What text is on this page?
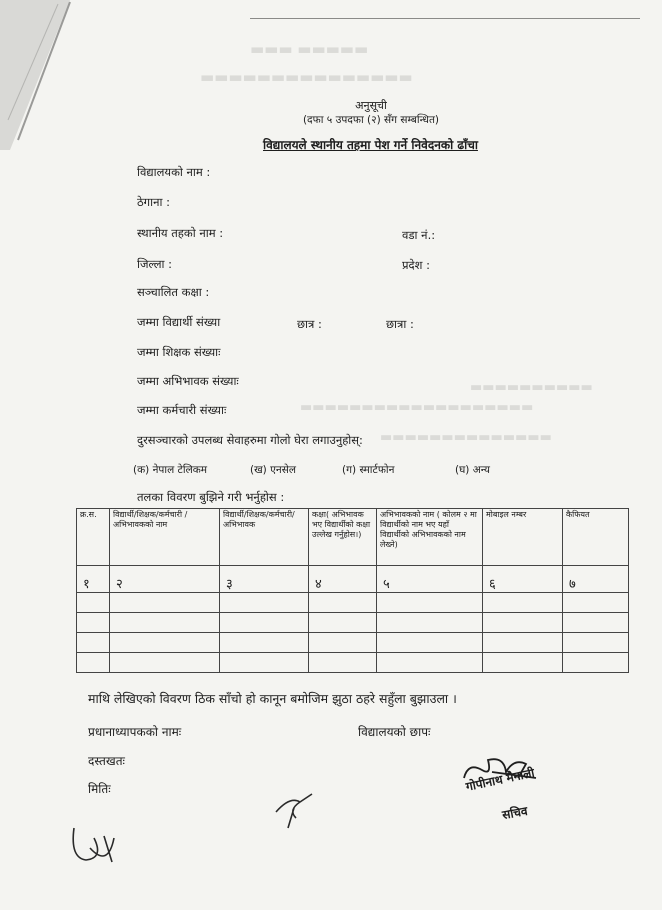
▬▬▬ ▬▬▬▬▬
▬▬▬▬▬▬▬▬▬▬▬▬▬▬▬
▬▬▬▬▬▬▬▬▬▬
▬▬▬▬▬▬▬▬▬▬▬▬▬▬▬▬▬▬▬
▬▬▬▬▬▬▬▬▬▬▬▬▬▬
अनुसूची
(दफा ५ उपदफा (२) सँग सम्बन्धित)
विद्यालयले स्थानीय तहमा पेश गर्ने निवेदनको ढाँचा
विद्यालयको नाम :
ठेगाना :
स्थानीय तहको नाम :	वडा नं.:
जिल्ला :	प्रदेश :
सञ्चालित कक्षा :
जम्मा विद्यार्थी संख्या	छात्र :	छात्रा :
जम्मा शिक्षक संख्याः
जम्मा अभिभावक संख्याः
जम्मा कर्मचारी संख्याः
दुरसञ्चारको उपलब्ध सेवाहरुमा गोलो घेरा लगाउनुहोस्:
(क) नेपाल टेलिकम	(ख) एनसेल	(ग) स्मार्टफोन	(घ) अन्य
तलका विवरण बुझिने गरी भर्नुहोस :
क्र.स.	विद्यार्थी/शिक्षक/कर्मचारी /अभिभावकको नाम	विद्यार्थी/शिक्षक/कर्मचारी/अभिभावक	कक्षा( अभिभावक भए विद्यार्थीको कक्षा उल्लेख गर्नुहोस।)	अभिभावकको नाम ( कोलम २ मा विद्यार्थीको नाम भए यहाँ विद्यार्थीको अभिभावकको नाम लेख्ने)	मोबाइल नम्बर	कैफियत
१	२	३	४	५	६	७

माथि लेखिएको विवरण ठिक साँचो हो कानून बमोजिम झुठा ठहरे सहुँला बुझाउला ।
प्रधानाध्यापकको नामः	विद्यालयको छापः
दस्तखतः
मितिः	गोपीनाथ मैनाली
सचिव
